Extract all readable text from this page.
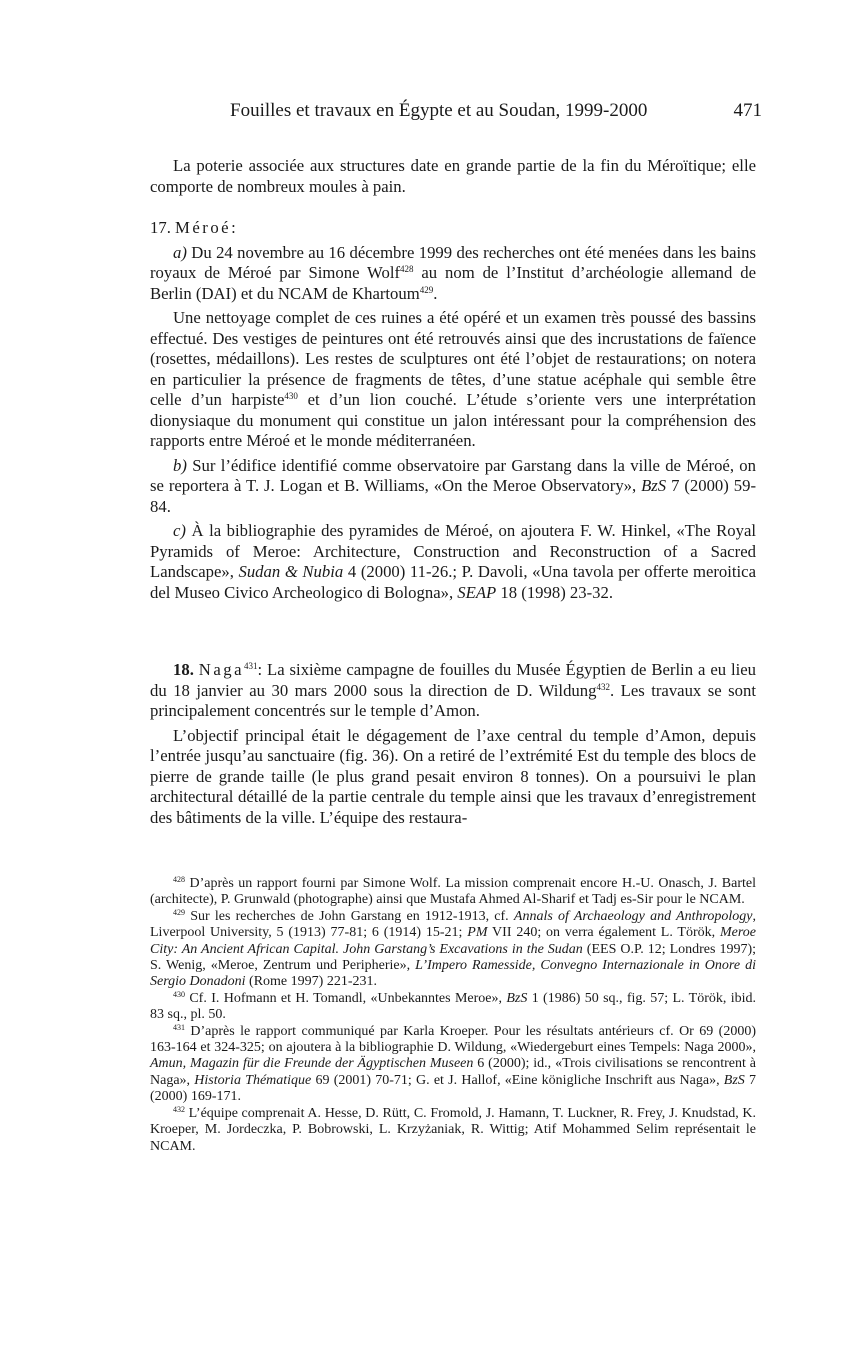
Fouilles et travaux en Égypte et au Soudan, 1999-2000	471

La poterie associée aux structures date en grande partie de la fin du Méroïtique; elle comporte de nombreux moules à pain.

17. Méroé:

a) Du 24 novembre au 16 décembre 1999 des recherches ont été menées dans les bains royaux de Méroé par Simone Wolf$^{428}$ au nom de l’Institut d’archéologie allemand de Berlin (DAI) et du NCAM de Khartoum$^{429}$.

Une nettoyage complet de ces ruines a été opéré et un examen très poussé des bassins effectué. Des vestiges de peintures ont été retrouvés ainsi que des incrustations de faïence (rosettes, médaillons). Les restes de sculptures ont été l’objet de restaurations; on notera en particulier la présence de fragments de têtes, d’une statue acéphale qui semble être celle d’un harpiste$^{430}$ et d’un lion couché. L’étude s’oriente vers une interprétation dionysiaque du monument qui constitue un jalon intéressant pour la compréhension des rapports entre Méroé et le monde méditerranéen.

b) Sur l’édifice identifié comme observatoire par Garstang dans la ville de Méroé, on se reportera à T. J. Logan et B. Williams, «On the Meroe Observatory», BzS 7 (2000) 59-84.

c) À la bibliographie des pyramides de Méroé, on ajoutera F. W. Hinkel, «The Royal Pyramids of Meroe: Architecture, Construction and Reconstruction of a Sacred Landscape», Sudan & Nubia 4 (2000) 11-26.; P. Davoli, «Una tavola per offerte meroitica del Museo Civico Archeologico di Bologna», SEAP 18 (1998) 23-32.

18. Naga$^{431}$: La sixième campagne de fouilles du Musée Égyptien de Berlin a eu lieu du 18 janvier au 30 mars 2000 sous la direction de D. Wildung$^{432}$. Les travaux se sont principalement concentrés sur le temple d’Amon.

L’objectif principal était le dégagement de l’axe central du temple d’Amon, depuis l’entrée jusqu’au sanctuaire (fig. 36). On a retiré de l’extrémité Est du temple des blocs de pierre de grande taille (le plus grand pesait environ 8 tonnes). On a poursuivi le plan architectural détaillé de la partie centrale du temple ainsi que les travaux d’enregistrement des bâtiments de la ville. L’équipe des restaura-

$^{428}$ D’après un rapport fourni par Simone Wolf. La mission comprenait encore H.-U. Onasch, J. Bartel (architecte), P. Grunwald (photographe) ainsi que Mustafa Ahmed Al-Sharif et Tadj es-Sir pour le NCAM.

$^{429}$ Sur les recherches de John Garstang en 1912-1913, cf. Annals of Archaeology and Anthropology, Liverpool University, 5 (1913) 77-81; 6 (1914) 15-21; PM VII 240; on verra également L. Török, Meroe City: An Ancient African Capital. John Garstang’s Excavations in the Sudan (EES O.P. 12; Londres 1997); S. Wenig, «Meroe, Zentrum und Peripherie», L’Impero Ramesside, Convegno Internazionale in Onore di Sergio Donadoni (Rome 1997) 221-231.

$^{430}$ Cf. I. Hofmann et H. Tomandl, «Unbekanntes Meroe», BzS 1 (1986) 50 sq., fig. 57; L. Török, ibid. 83 sq., pl. 50.

$^{431}$ D’après le rapport communiqué par Karla Kroeper. Pour les résultats antérieurs cf. Or 69 (2000) 163-164 et 324-325; on ajoutera à la bibliographie D. Wildung, «Wiedergeburt eines Tempels: Naga 2000», Amun, Magazin für die Freunde der Ägyptischen Museen 6 (2000); id., «Trois civilisations se rencontrent à Naga», Historia Thématique 69 (2001) 70-71; G. et J. Hallof, «Eine königliche Inschrift aus Naga», BzS 7 (2000) 169-171.

$^{432}$ L’équipe comprenait A. Hesse, D. Rütt, C. Fromold, J. Hamann, T. Luckner, R. Frey, J. Knudstad, K. Kroeper, M. Jordeczka, P. Bobrowski, L. Krzyżaniak, R. Wittig; Atif Mohammed Selim représentait le NCAM.
